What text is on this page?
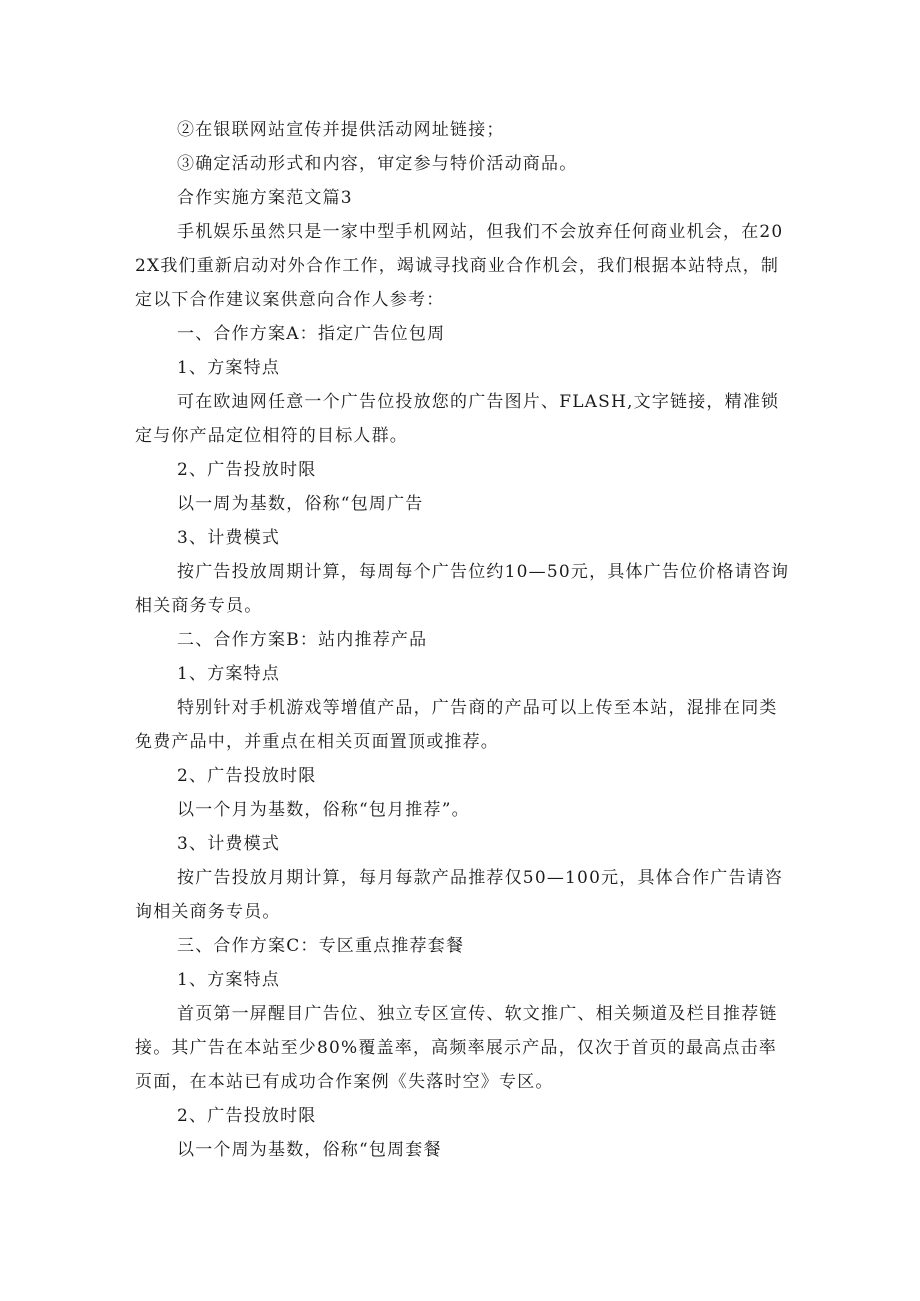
②在银联网站宣传并提供活动网址链接；

③确定活动形式和内容，审定参与特价活动商品。

合作实施方案范文篇3

手机娱乐虽然只是一家中型手机网站，但我们不会放弃任何商业机会，在202X我们重新启动对外合作工作，竭诚寻找商业合作机会，我们根据本站特点，制定以下合作建议案供意向合作人参考：

一、合作方案A：指定广告位包周

1、方案特点

可在欧迪网任意一个广告位投放您的广告图片、FLASH,文字链接，精准锁定与你产品定位相符的目标人群。

2、广告投放时限

以一周为基数，俗称“包周广告

3、计费模式

按广告投放周期计算，每周每个广告位约10—50元，具体广告位价格请咨询相关商务专员。

二、合作方案B：站内推荐产品

1、方案特点

特别针对手机游戏等增值产品，广告商的产品可以上传至本站，混排在同类免费产品中，并重点在相关页面置顶或推荐。

2、广告投放时限

以一个月为基数，俗称“包月推荐”。

3、计费模式

按广告投放月期计算，每月每款产品推荐仅50—100元，具体合作广告请咨询相关商务专员。

三、合作方案C：专区重点推荐套餐

1、方案特点

首页第一屏醒目广告位、独立专区宣传、软文推广、相关频道及栏目推荐链接。其广告在本站至少80%覆盖率，高频率展示产品，仅次于首页的最高点击率页面，在本站已有成功合作案例《失落时空》专区。

2、广告投放时限

以一个周为基数，俗称“包周套餐
